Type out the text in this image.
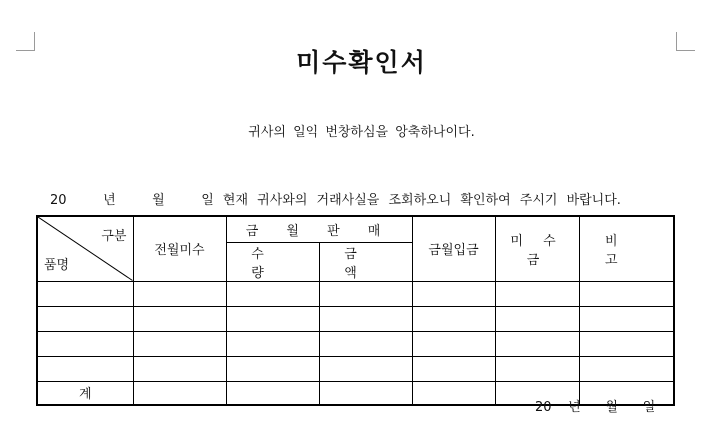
미수확인서
귀사의 일익 번창하심을 앙축하나이다.
20    년    월    일 현재 귀사와의 거래사실을 조회하오니 확인하여 주시기 바랍니다.
구분
품명	전월미수	금 월 판 매		금월입금	미 수 금	비 고
		수 량	금 액			

계						
20    년      월      일
